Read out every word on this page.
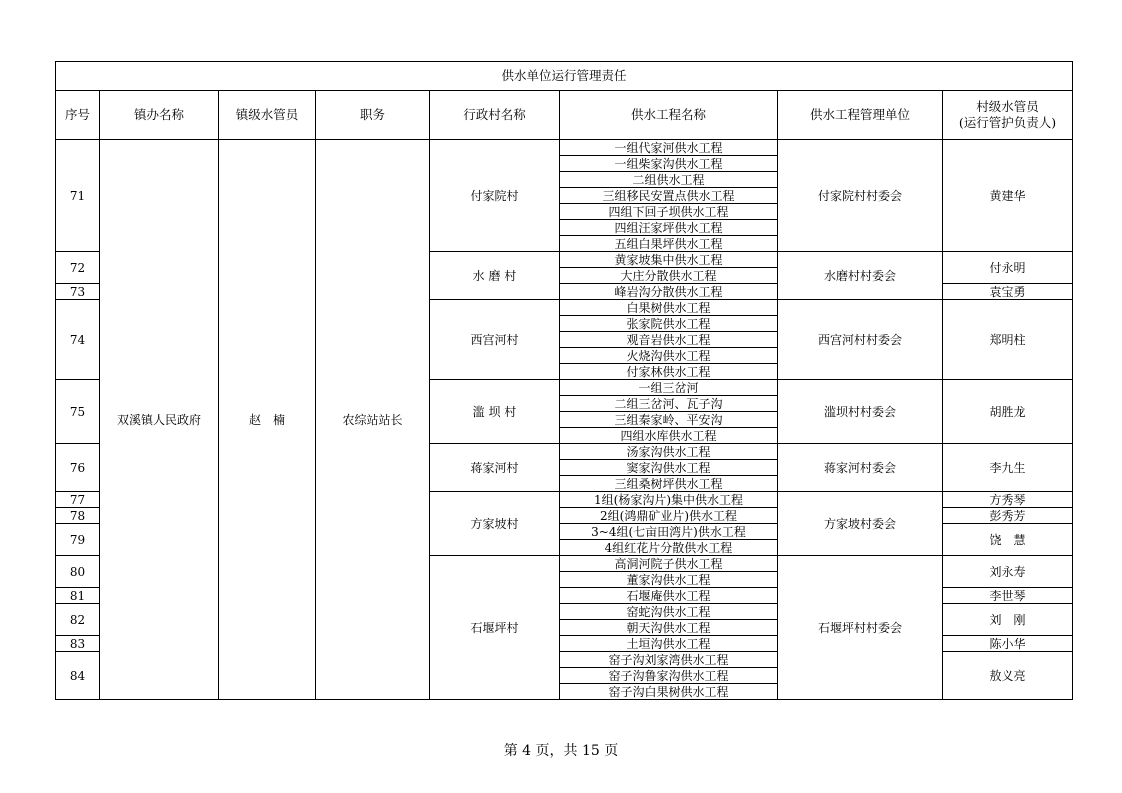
供水单位运行管理责任							
序号	镇办名称	镇级水管员	职务	行政村名称	供水工程名称	供水工程管理单位	村级水管员
(运行管护负责人)
71	双溪镇人民政府	赵　楠	农综站站长	付家院村	一组代家河供水工程	付家院村村委会	黄建华
					一组柴家沟供水工程		
					二组供水工程		
					三组移民安置点供水工程		
					四组下回子坝供水工程		
					四组汪家坪供水工程		
					五组白果坪供水工程		
72				水 磨 村	黄家坡集中供水工程	水磨村村委会	付永明
					大庄分散供水工程		
73					峰岩沟分散供水工程		袁宝勇
74				西宫河村	白果树供水工程	西宫河村村委会	郑明柱
					张家院供水工程		
					观音岩供水工程		
					火烧沟供水工程		
					付家林供水工程		
75				滥 坝 村	一组三岔河	滥坝村村委会	胡胜龙
					二组三岔河、瓦子沟		
					三组秦家岭、平安沟		
					四组水库供水工程		
76				蒋家河村	汤家沟供水工程	蒋家河村委会	李九生
					窦家沟供水工程		
					三组桑树坪供水工程		
77				方家坡村	1组(杨家沟片)集中供水工程	方家坡村委会	方秀琴
78					2组(鸿鼎矿业片)供水工程		彭秀芳
79					3~4组(七亩田湾片)供水工程		饶　慧
					4组红花片分散供水工程		
80				石堰坪村	高洞河院子供水工程	石堰坪村村委会	刘永寿
					董家沟供水工程		
81					石堰庵供水工程		李世琴
82					窑蛇沟供水工程		刘　刚
					朝天沟供水工程		
83					土垣沟供水工程		陈小华
84					窑子沟刘家湾供水工程		敖义亮
					窑子沟鲁家沟供水工程		
					窑子沟白果树供水工程		
第 4 页，共 15 页
